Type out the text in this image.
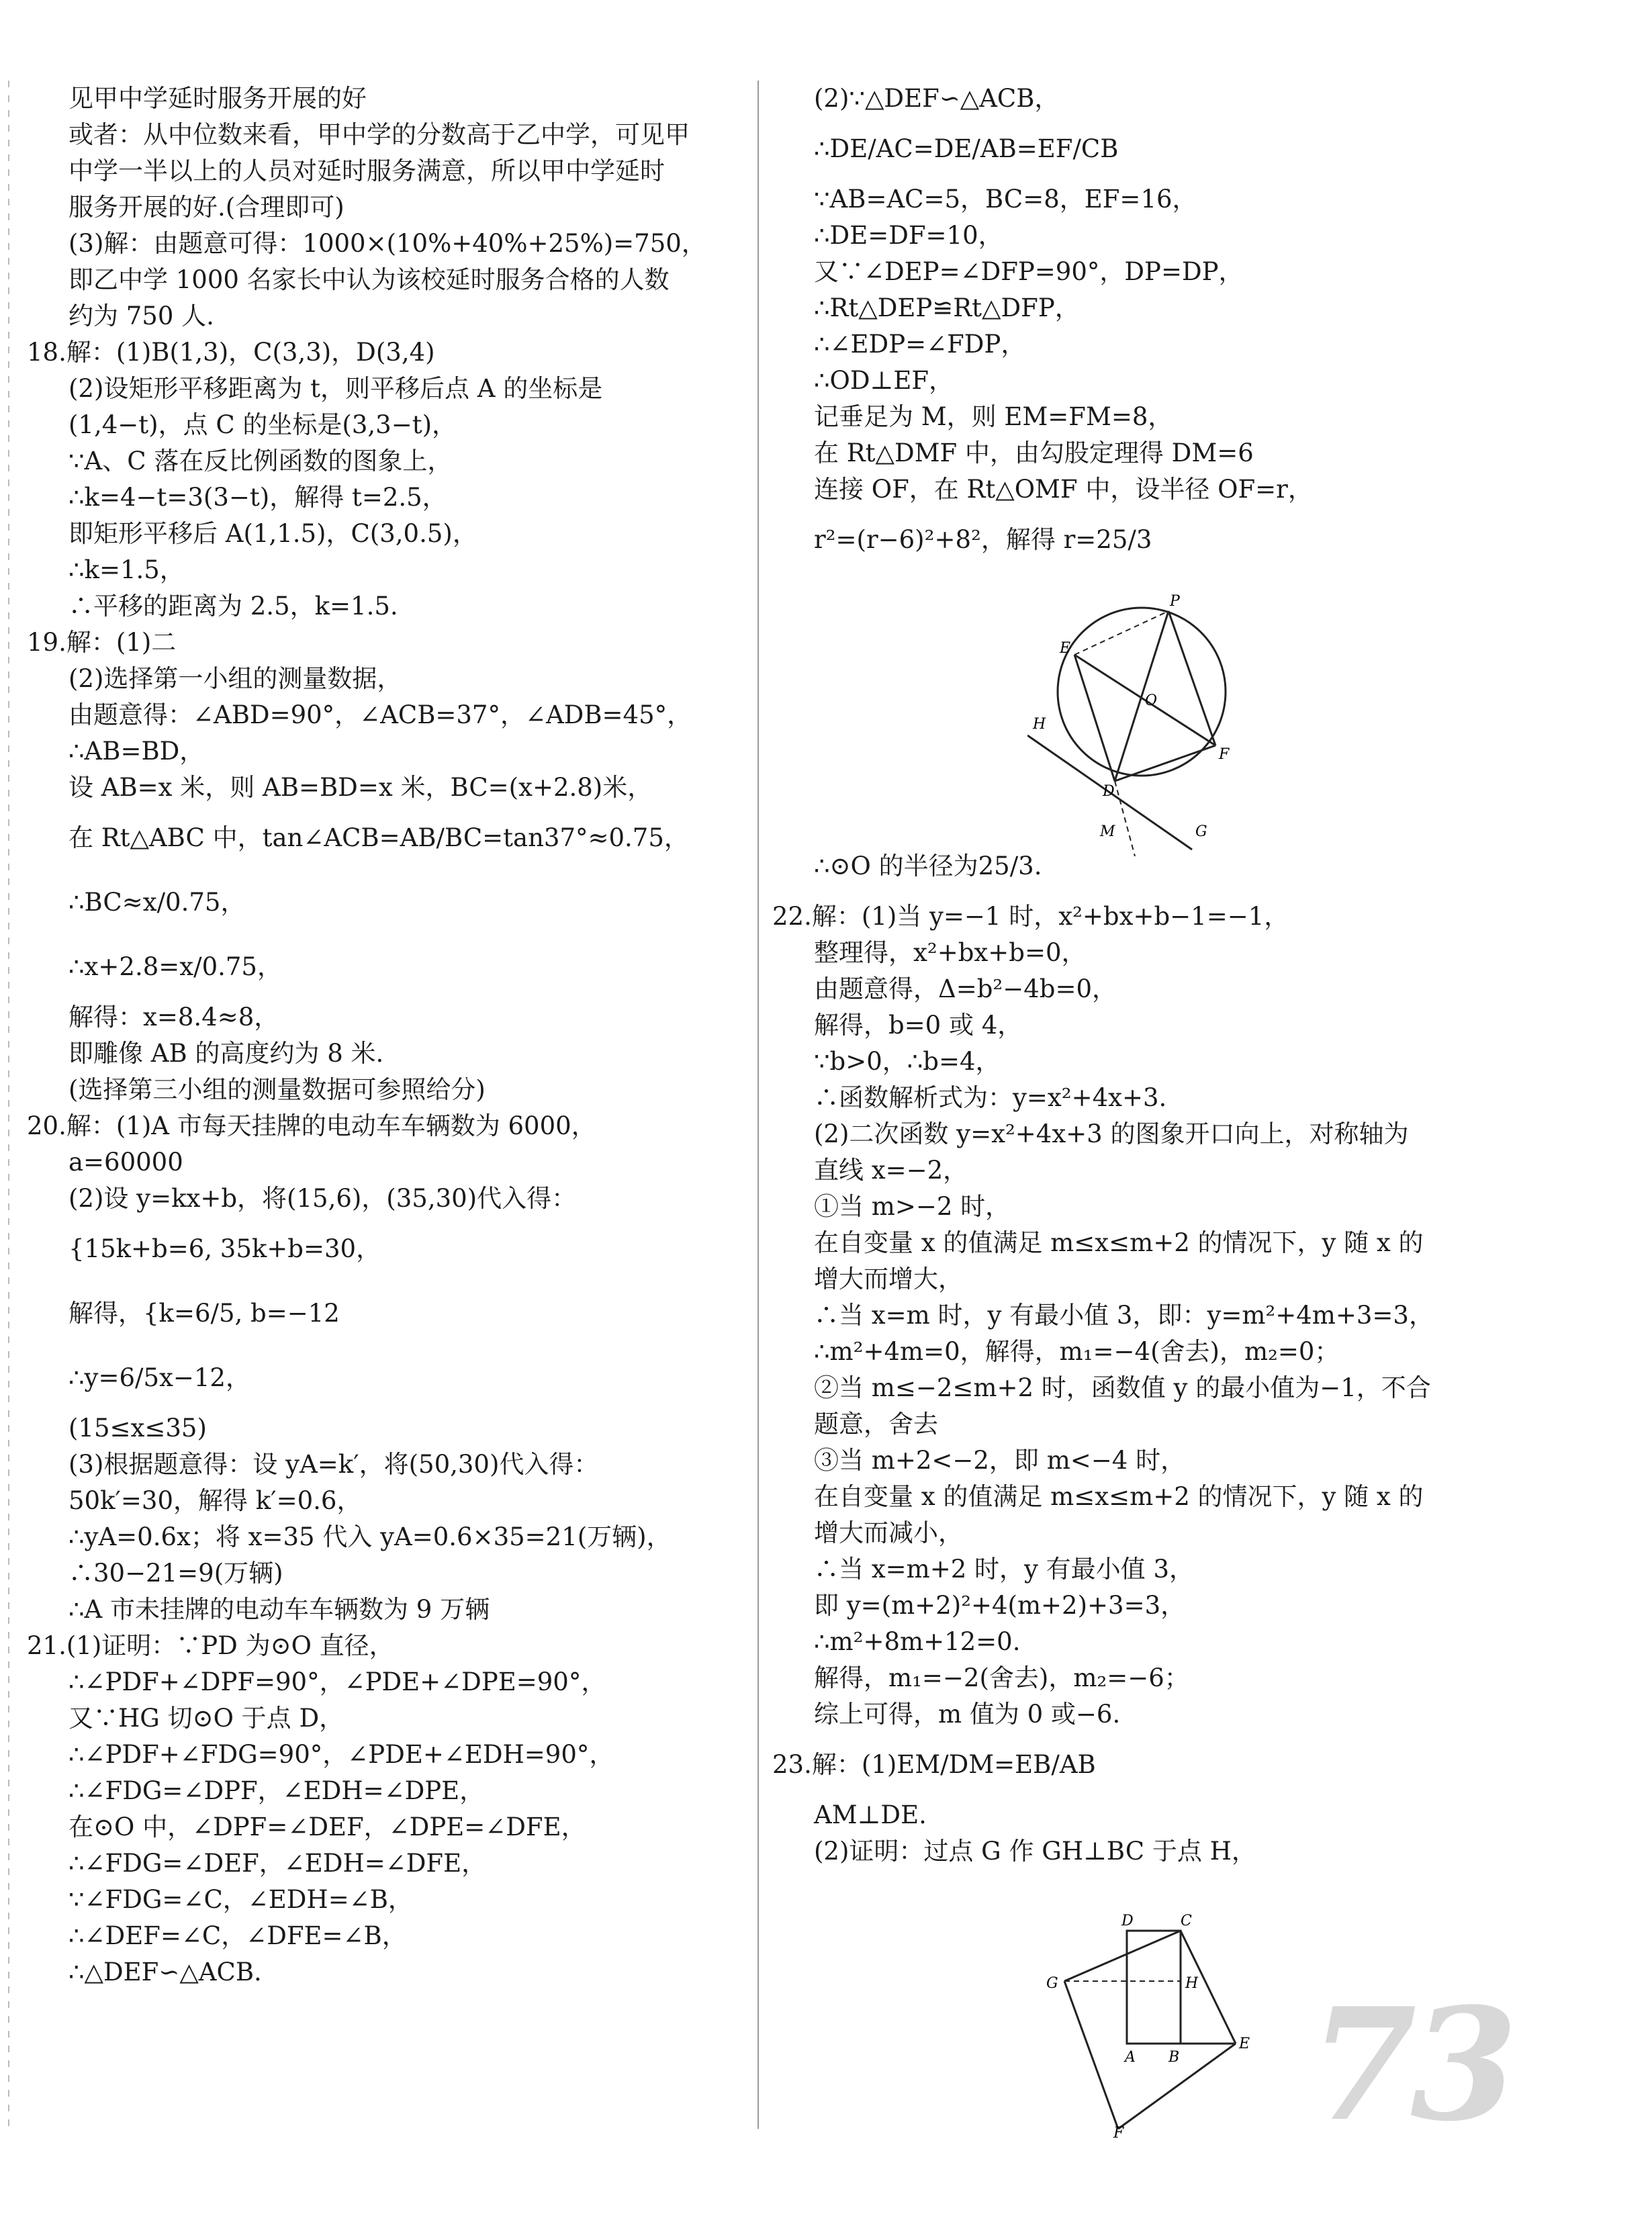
见甲中学延时服务开展的好
或者：从中位数来看，甲中学的分数高于乙中学，可见甲
中学一半以上的人员对延时服务满意，所以甲中学延时
服务开展的好.(合理即可)
(3)解：由题意可得：1000×(10%+40%+25%)=750，
即乙中学 1000 名家长中认为该校延时服务合格的人数
约为 750 人.
18.解：(1)B(1,3)，C(3,3)，D(3,4)
(2)设矩形平移距离为 t，则平移后点 A 的坐标是
(1,4−t)，点 C 的坐标是(3,3−t)，
∵A、C 落在反比例函数的图象上，
∴k=4−t=3(3−t)，解得 t=2.5，
即矩形平移后 A(1,1.5)，C(3,0.5)，
∴k=1.5，
∴平移的距离为 2.5，k=1.5.
19.解：(1)二
(2)选择第一小组的测量数据，
由题意得：∠ABD=90°，∠ACB=37°，∠ADB=45°，
∴AB=BD，
设 AB=x 米，则 AB=BD=x 米，BC=(x+2.8)米，
在 Rt△ABC 中，tan∠ACB=AB/BC=tan37°≈0.75，
∴BC≈x/0.75，
∴x+2.8=x/0.75，
解得：x=8.4≈8，
即雕像 AB 的高度约为 8 米.
(选择第三小组的测量数据可参照给分)
20.解：(1)A 市每天挂牌的电动车车辆数为 6000，
a=60000
(2)设 y=kx+b，将(15,6)，(35,30)代入得：
{15k+b=6, 35k+b=30，
解得，{k=6/5, b=−12
∴y=6/5x−12，
(15≤x≤35)
(3)根据题意得：设 yA=k′，将(50,30)代入得：
50k′=30，解得 k′=0.6，
∴yA=0.6x；将 x=35 代入 yA=0.6×35=21(万辆)，
∴30−21=9(万辆)
∴A 市未挂牌的电动车车辆数为 9 万辆
21.(1)证明：∵PD 为⊙O 直径，
∴∠PDF+∠DPF=90°，∠PDE+∠DPE=90°，
又∵HG 切⊙O 于点 D，
∴∠PDF+∠FDG=90°，∠PDE+∠EDH=90°，
∴∠FDG=∠DPF，∠EDH=∠DPE，
在⊙O 中，∠DPF=∠DEF，∠DPE=∠DFE，
∴∠FDG=∠DEF，∠EDH=∠DFE，
∵∠FDG=∠C，∠EDH=∠B，
∴∠DEF=∠C，∠DFE=∠B，
∴△DEF∽△ACB.
(2)∵△DEF∽△ACB，
∴DE/AC=DE/AB=EF/CB
∵AB=AC=5，BC=8，EF=16，
∴DE=DF=10，
又∵∠DEP=∠DFP=90°，DP=DP，
∴Rt△DEP≌Rt△DFP，
∴∠EDP=∠FDP，
∴OD⊥EF，
记垂足为 M，则 EM=FM=8，
在 Rt△DMF 中，由勾股定理得 DM=6
连接 OF，在 Rt△OMF 中，设半径 OF=r，
r²=(r−6)²+8²，解得 r=25/3
∴⊙O 的半径为25/3.
22.解：(1)当 y=−1 时，x²+bx+b−1=−1，
整理得，x²+bx+b=0，
由题意得，Δ=b²−4b=0，
解得，b=0 或 4，
∵b>0，∴b=4，
∴函数解析式为：y=x²+4x+3.
(2)二次函数 y=x²+4x+3 的图象开口向上，对称轴为
直线 x=−2，
①当 m>−2 时，
在自变量 x 的值满足 m≤x≤m+2 的情况下，y 随 x 的
增大而增大，
∴当 x=m 时，y 有最小值 3，即：y=m²+4m+3=3，
∴m²+4m=0，解得，m₁=−4(舍去)，m₂=0；
②当 m≤−2≤m+2 时，函数值 y 的最小值为−1，不合
题意，舍去
③当 m+2<−2，即 m<−4 时，
在自变量 x 的值满足 m≤x≤m+2 的情况下，y 随 x 的
增大而减小，
∴当 x=m+2 时，y 有最小值 3，
即 y=(m+2)²+4(m+2)+3=3，
∴m²+8m+12=0.
解得，m₁=−2(舍去)，m₂=−6；
综上可得，m 值为 0 或−6.
23.解：(1)EM/DM=EB/AB
AM⊥DE.
(2)证明：过点 G 作 GH⊥BC 于点 H，
P
E
O
H
F
D
M	G
D	C
G	H
A B
E
F 73
